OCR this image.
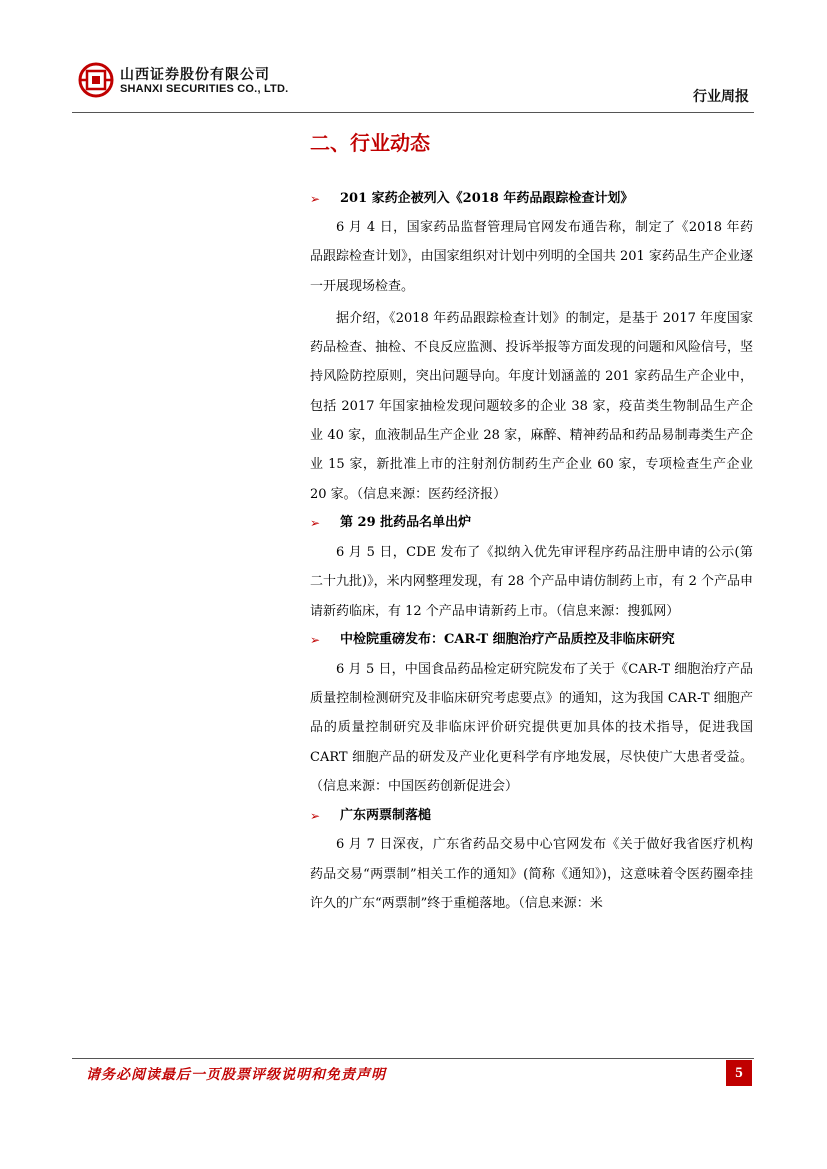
山西证券股份有限公司
SHANXI SECURITIES CO., LTD.	行业周报
二、行业动态
➢	201 家药企被列入《2018 年药品跟踪检查计划》

6 月 4 日，国家药品监督管理局官网发布通告称，制定了《2018 年药品跟踪检查计划》，由国家组织对计划中列明的全国共 201 家药品生产企业逐一开展现场检查。

据介绍，《2018 年药品跟踪检查计划》的制定，是基于 2017 年度国家药品检查、抽检、不良反应监测、投诉举报等方面发现的问题和风险信号，坚持风险防控原则，突出问题导向。年度计划涵盖的 201 家药品生产企业中，包括 2017 年国家抽检发现问题较多的企业 38 家，疫苗类生物制品生产企业 40 家，血液制品生产企业 28 家，麻醉、精神药品和药品易制毒类生产企业 15 家，新批准上市的注射剂仿制药生产企业 60 家，专项检查生产企业 20 家。（信息来源：医药经济报）

➢	第 29 批药品名单出炉

6 月 5 日，CDE 发布了《拟纳入优先审评程序药品注册申请的公示(第二十九批)》，米内网整理发现，有 28 个产品申请仿制药上市，有 2 个产品申请新药临床，有 12 个产品申请新药上市。（信息来源：搜狐网）

➢	中检院重磅发布：CAR-T 细胞治疗产品质控及非临床研究

6 月 5 日，中国食品药品检定研究院发布了关于《CAR-T 细胞治疗产品质量控制检测研究及非临床研究考虑要点》的通知，这为我国 CAR-T 细胞产品的质量控制研究及非临床评价研究提供更加具体的技术指导，促进我国 CART 细胞产品的研发及产业化更科学有序地发展，尽快使广大患者受益。（信息来源：中国医药创新促进会）

➢	广东两票制落槌

6 月 7 日深夜，广东省药品交易中心官网发布《关于做好我省医疗机构药品交易“两票制”相关工作的通知》(简称《通知》)，这意味着令医药圈牵挂许久的广东“两票制”终于重槌落地。（信息来源：米

请务必阅读最后一页股票评级说明和免责声明	5
